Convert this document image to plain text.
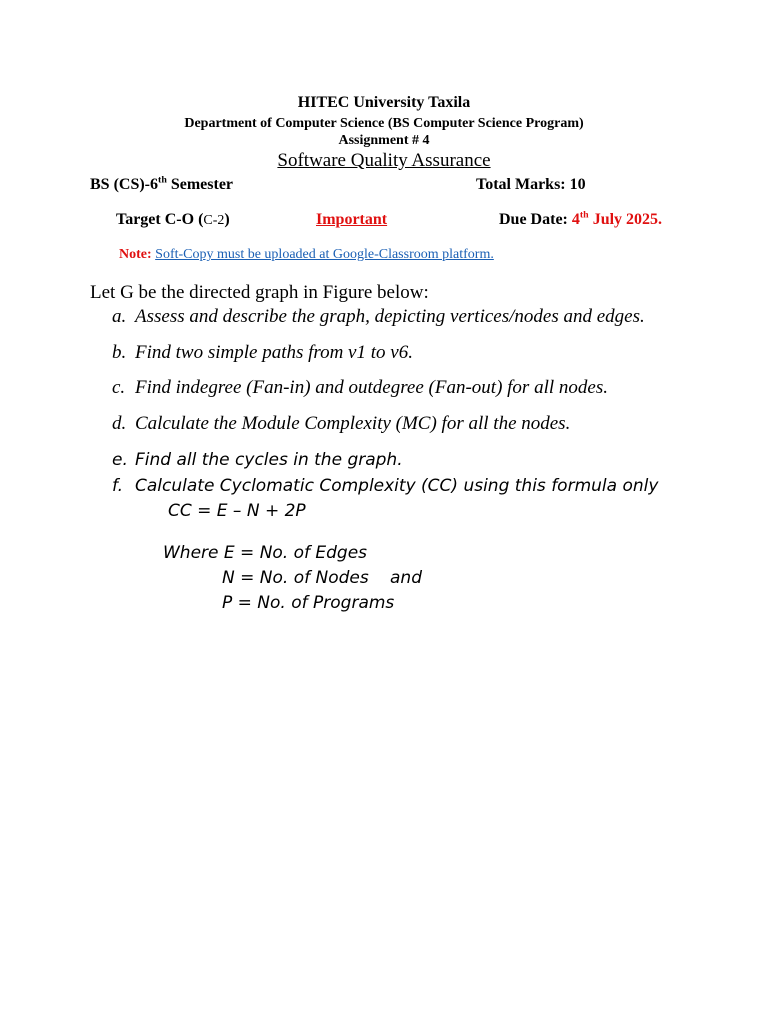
HITEC University Taxila
Department of Computer Science (BS Computer Science Program)
Assignment # 4
Software Quality Assurance
BS (CS)-6th Semester	Total Marks: 10
Target C-O (C-2)	Important	Due Date: 4th July 2025.
Note: Soft-Copy must be uploaded at Google-Classroom platform.
Let G be the directed graph in Figure below:
a. Assess and describe the graph, depicting vertices/nodes and edges.
b. Find two simple paths from v1 to v6.
c. Find indegree (Fan-in) and outdegree (Fan-out) for all nodes.
d. Calculate the Module Complexity (MC) for all the nodes.
e. Find all the cycles in the graph.
f. Calculate Cyclomatic Complexity (CC) using this formula only
CC = E – N + 2P
Where E = No. of Edges
N = No. of Nodes and
P = No. of Programs
